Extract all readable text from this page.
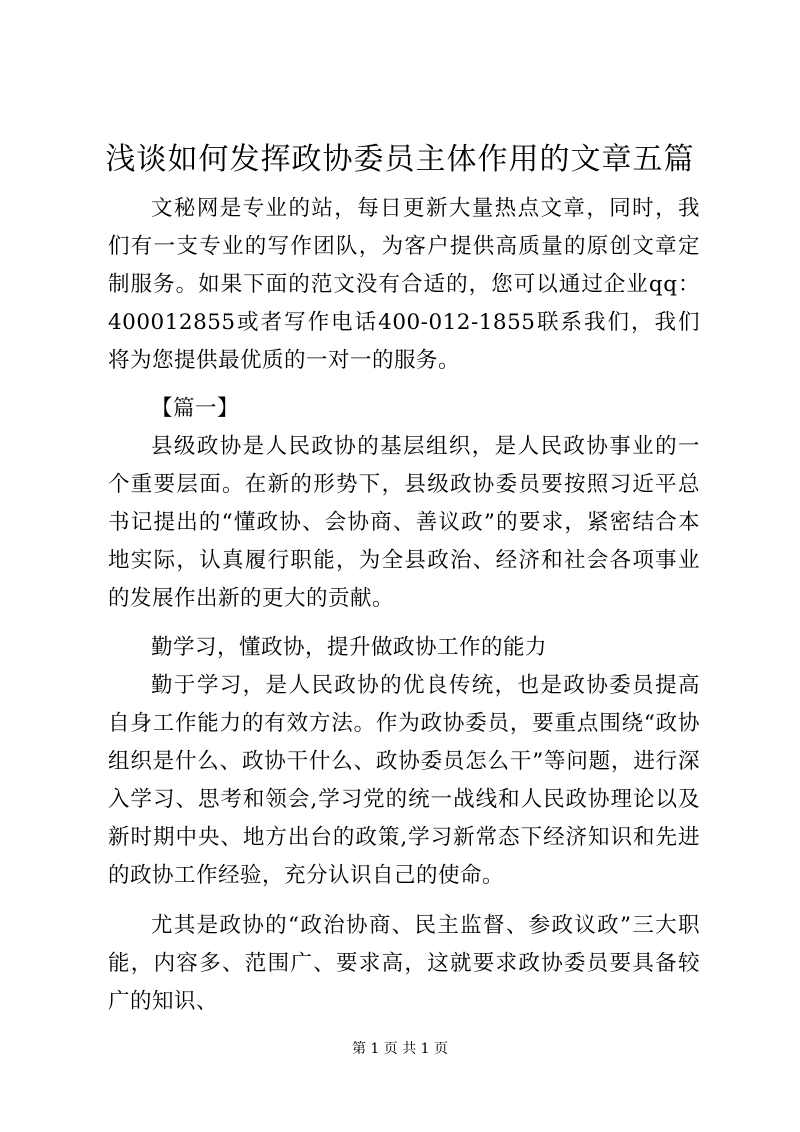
浅谈如何发挥政协委员主体作用的文章五篇

文秘网是专业的站，每日更新大量热点文章，同时，我们有一支专业的写作团队，为客户提供高质量的原创文章定制服务。如果下面的范文没有合适的，您可以通过企业qq：400012855或者写作电话400-012-1855联系我们，我们将为您提供最优质的一对一的服务。

【篇一】

县级政协是人民政协的基层组织，是人民政协事业的一个重要层面。在新的形势下，县级政协委员要按照习近平总书记提出的“懂政协、会协商、善议政”的要求，紧密结合本地实际，认真履行职能，为全县政治、经济和社会各项事业的发展作出新的更大的贡献。

勤学习，懂政协，提升做政协工作的能力

勤于学习，是人民政协的优良传统，也是政协委员提高自身工作能力的有效方法。作为政协委员，要重点围绕“政协组织是什么、政协干什么、政协委员怎么干”等问题，进行深入学习、思考和领会,学习党的统一战线和人民政协理论以及新时期中央、地方出台的政策,学习新常态下经济知识和先进的政协工作经验，充分认识自己的使命。

尤其是政协的“政治协商、民主监督、参政议政”三大职能，内容多、范围广、要求高，这就要求政协委员要具备较广的知识、

第 1 页 共 1 页
